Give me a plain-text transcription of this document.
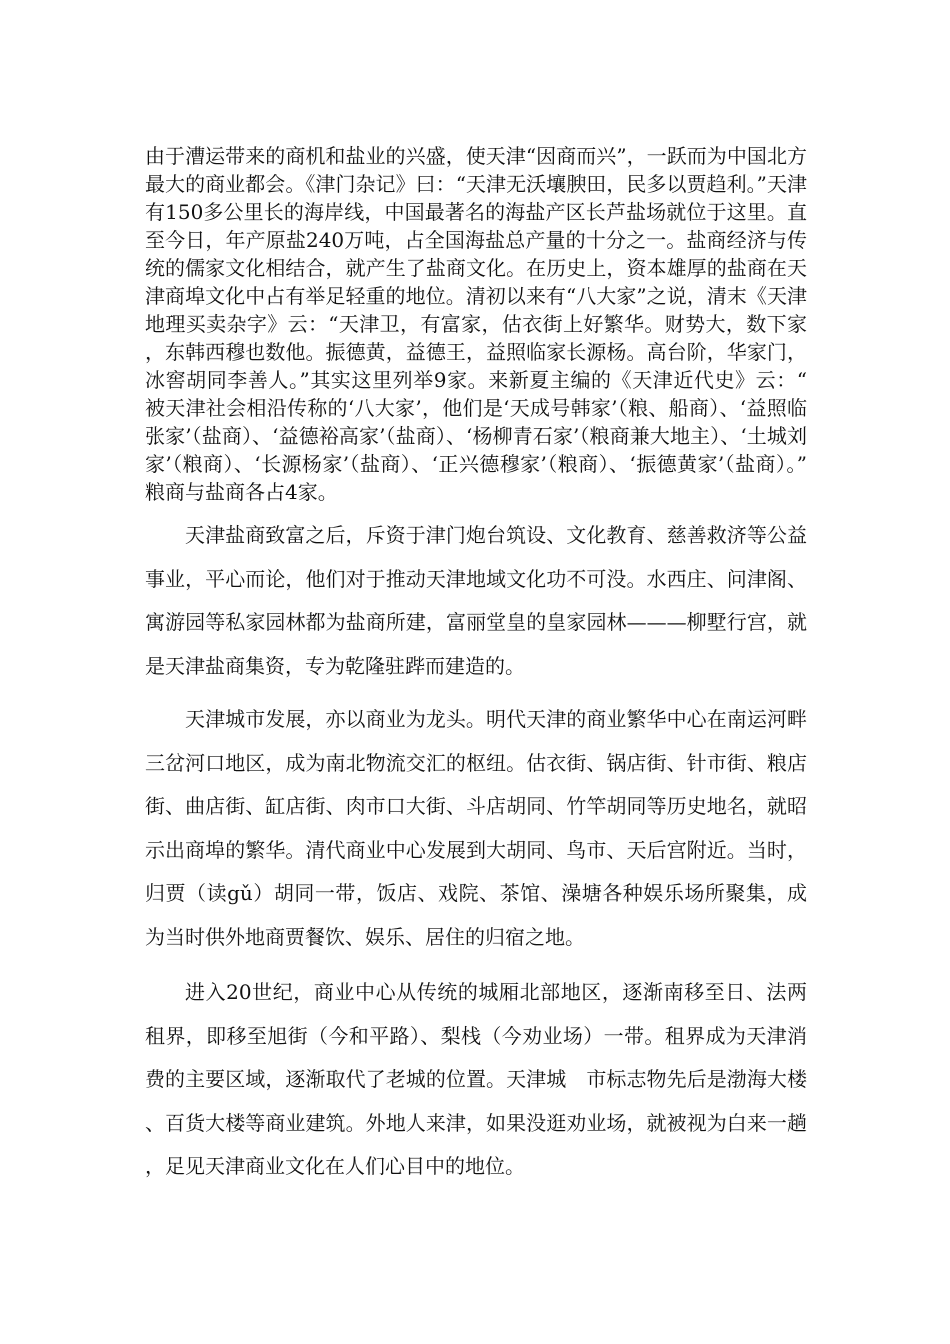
由于漕运带来的商机和盐业的兴盛，使天津“因商而兴”，一跃而为中国北方最大的商业都会。《津门杂记》曰：“天津无沃壤腴田，民多以贾趋利。”天津有150多公里长的海岸线，中国最著名的海盐产区长芦盐场就位于这里。直至今日，年产原盐240万吨，占全国海盐总产量的十分之一。盐商经济与传统的儒家文化相结合，就产生了盐商文化。在历史上，资本雄厚的盐商在天津商埠文化中占有举足轻重的地位。清初以来有“八大家”之说，清末《天津地理买卖杂字》云：“天津卫，有富家，估衣街上好繁华。财势大，数下家，东韩西穆也数他。振德黄，益德王，益照临家长源杨。高台阶，华家门，冰窖胡同李善人。”其实这里列举9家。来新夏主编的《天津近代史》云：“被天津社会相沿传称的‘八大家’，他们是‘天成号韩家’（粮、船商）、‘益照临张家’（盐商）、‘益德裕高家’（盐商）、‘杨柳青石家’（粮商兼大地主）、‘土城刘家’（粮商）、‘长源杨家’（盐商）、‘正兴德穆家’（粮商）、‘振德黄家’（盐商）。”粮商与盐商各占4家。

天津盐商致富之后，斥资于津门炮台筑设、文化教育、慈善救济等公益事业，平心而论，他们对于推动天津地域文化功不可没。水西庄、问津阁、寓游园等私家园林都为盐商所建，富丽堂皇的皇家园林———柳墅行宫，就是天津盐商集资，专为乾隆驻跸而建造的。

天津城市发展，亦以商业为龙头。明代天津的商业繁华中心在南运河畔三岔河口地区，成为南北物流交汇的枢纽。估衣街、锅店街、针市街、粮店街、曲店街、缸店街、肉市口大街、斗店胡同、竹竿胡同等历史地名，就昭示出商埠的繁华。清代商业中心发展到大胡同、鸟市、天后宫附近。当时，归贾（读gǔ）胡同一带，饭店、戏院、茶馆、澡塘各种娱乐场所聚集，成为当时供外地商贾餐饮、娱乐、居住的归宿之地。

进入20世纪，商业中心从传统的城厢北部地区，逐渐南移至日、法两租界，即移至旭街（今和平路）、梨栈（今劝业场）一带。租界成为天津消费的主要区域，逐渐取代了老城的位置。天津城　市标志物先后是渤海大楼、百货大楼等商业建筑。外地人来津，如果没逛劝业场，就被视为白来一趟，足见天津商业文化在人们心目中的地位。
